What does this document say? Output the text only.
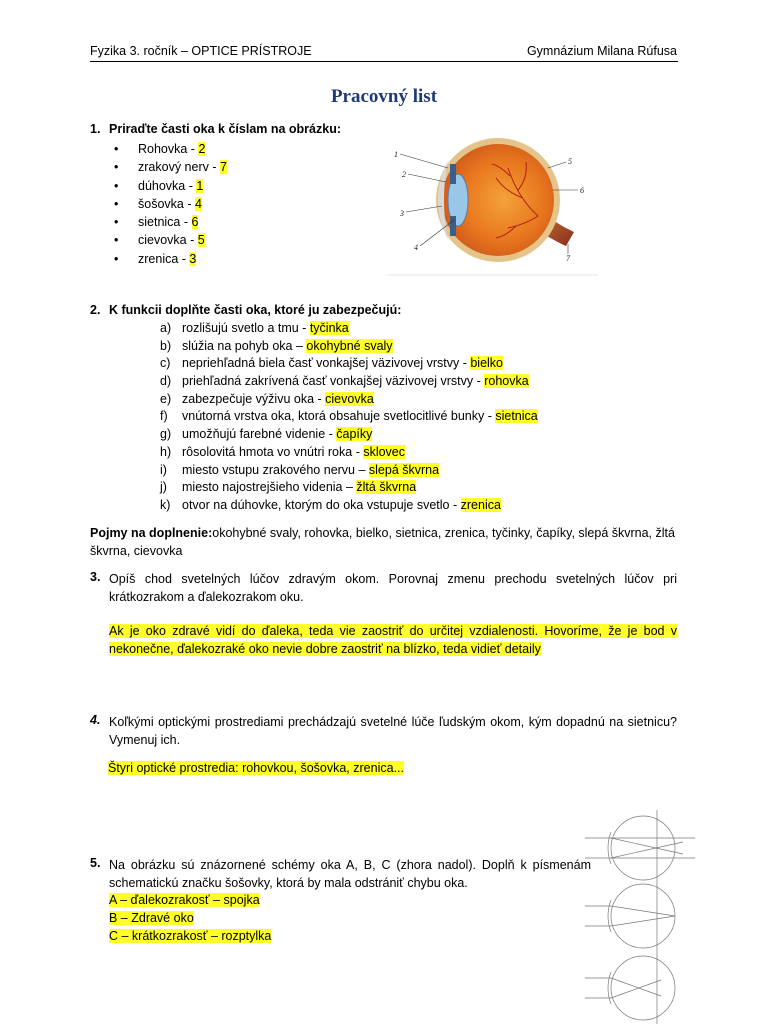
Fyzika 3. ročník – OPTICE PRÍSTROJE	Gymnázium Milana Rúfusa
Pracovný list
1. Priraďte časti oka k číslam na obrázku:
• Rohovka - 2
• zrakový nerv - 7
• dúhovka - 1
• šošovka - 4
• sietnica - 6
• cievovka - 5
• zrenica - 3
1
2
3
4
5
6
7
2. K funkcii doplňte časti oka, ktoré ju zabezpečujú:
a) rozlišujú svetlo a tmu - tyčinka
b) slúžia na pohyb oka – okohybné svaly
c) nepriehľadná biela časť vonkajšej väzivovej vrstvy - bielko
d) priehľadná zakrívená časť vonkajšej väzivovej vrstvy - rohovka
e) zabezpečuje výživu oka - cievovka
f) vnútorná vrstva oka, ktorá obsahuje svetlocitlivé bunky - sietnica
g) umožňujú farebné videnie - čapíky
h) rôsolovitá hmota vo vnútri roka - sklovec
i) miesto vstupu zrakového nervu – slepá škvrna
j) miesto najostrejšieho videnia – žltá škvrna
k) otvor na dúhovke, ktorým do oka vstupuje svetlo - zrenica
Pojmy na doplnenie:okohybné svaly, rohovka, bielko, sietnica, zrenica, tyčinky, čapíky, slepá škvrna, žltá škvrna, cievovka
3. Opíš chod svetelných lúčov zdravým okom. Porovnaj zmenu prechodu svetelných lúčov pri krátkozrakom a ďalekozrakom oku.
Ak je oko zdravé vidí do ďaleka, teda vie zaostriť do určitej vzdialenosti. Hovoríme, že je bod v nekonečne, ďalekozraké oko nevie dobre zaostriť na blízko, teda vidieť detaily
4. Koľkými optickými prostrediami prechádzajú svetelné lúče ľudským okom, kým dopadnú na sietnicu? Vymenuj ich.
Štyri optické prostredia: rohovkou, šošovka, zrenica...
5. Na obrázku sú znázornené schémy oka A, B, C (zhora nadol). Doplň k písmenám schematickú značku šošovky, ktorá by mala odstrániť chybu oka.
A – ďalekozrakosť – spojka
B – Zdravé oko
C – krátkozrakosť – rozptylka
